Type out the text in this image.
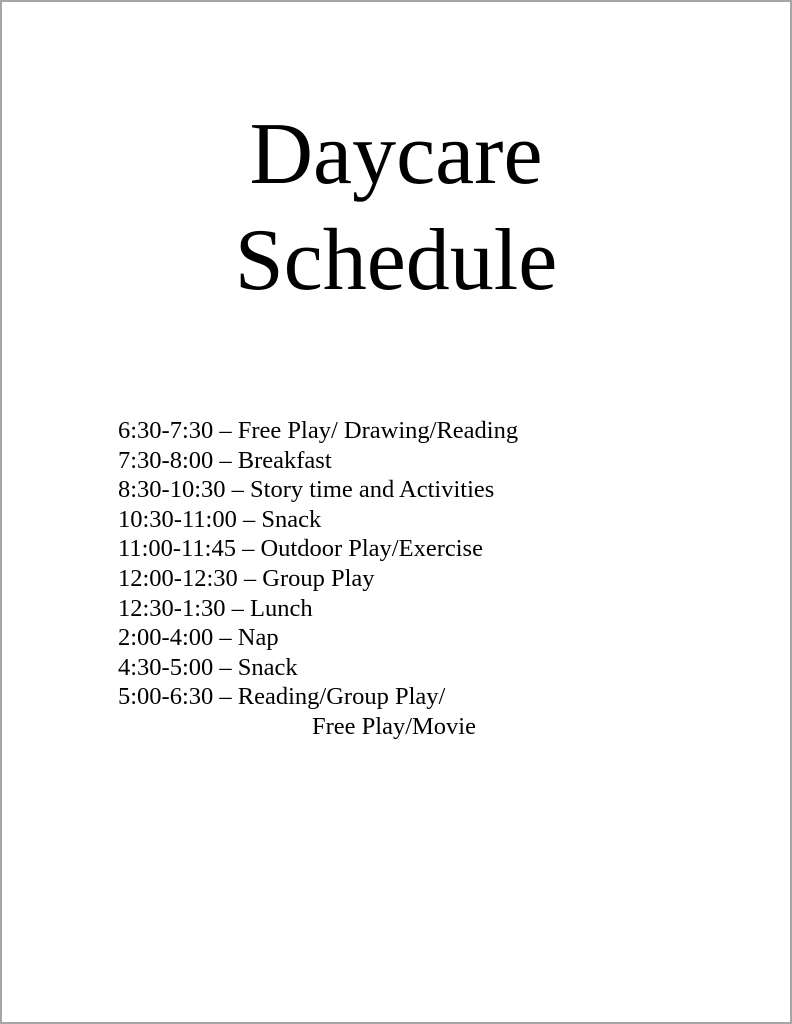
Daycare
Schedule
6:30-7:30 – Free Play/ Drawing/Reading
7:30-8:00 – Breakfast
8:30-10:30 – Story time and Activities
10:30-11:00 – Snack
11:00-11:45 – Outdoor Play/Exercise
12:00-12:30 – Group Play
12:30-1:30 – Lunch
2:00-4:00 – Nap
4:30-5:00 – Snack
5:00-6:30 – Reading/Group Play/
Free Play/Movie
